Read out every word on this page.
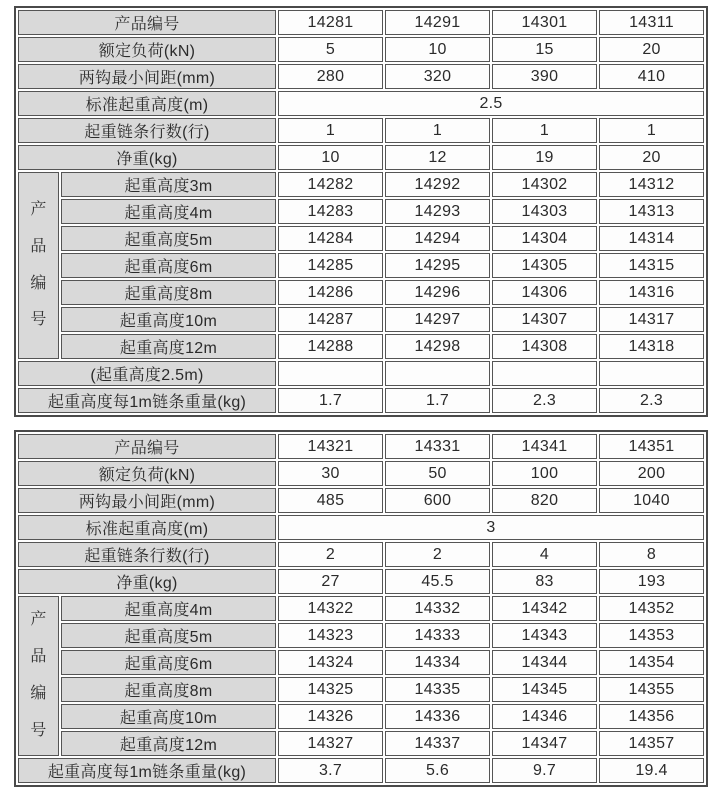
产品编号		14281	14291	14301	14311
额定负荷(kN)		5	10	15	20
两钩最小间距(mm)		280	320	390	410
标准起重高度(m)		2.5			
起重链条行数(行)		1	1	1	1
净重(kg)		10	12	19	20

产品编号	起重高度3m	14282	14292	14302	14312
	起重高度4m	14283	14293	14303	14313
	起重高度5m	14284	14294	14304	14314
	起重高度6m	14285	14295	14305	14315
	起重高度8m	14286	14296	14306	14316
	起重高度10m	14287	14297	14307	14317
	起重高度12m	14288	14298	14308	14318
(起重高度2.5m)					
起重高度每1m链条重量(kg)		1.7	1.7	2.3	2.3
产品编号		14321	14331	14341	14351
额定负荷(kN)		30	50	100	200
两钩最小间距(mm)		485	600	820	1040
标准起重高度(m)		3			
起重链条行数(行)		2	2	4	8
净重(kg)		27	45.5	83	193

产品编号	起重高度4m	14322	14332	14342	14352
	起重高度5m	14323	14333	14343	14353
	起重高度6m	14324	14334	14344	14354
	起重高度8m	14325	14335	14345	14355
	起重高度10m	14326	14336	14346	14356
	起重高度12m	14327	14337	14347	14357
起重高度每1m链条重量(kg)		3.7	5.6	9.7	19.4
